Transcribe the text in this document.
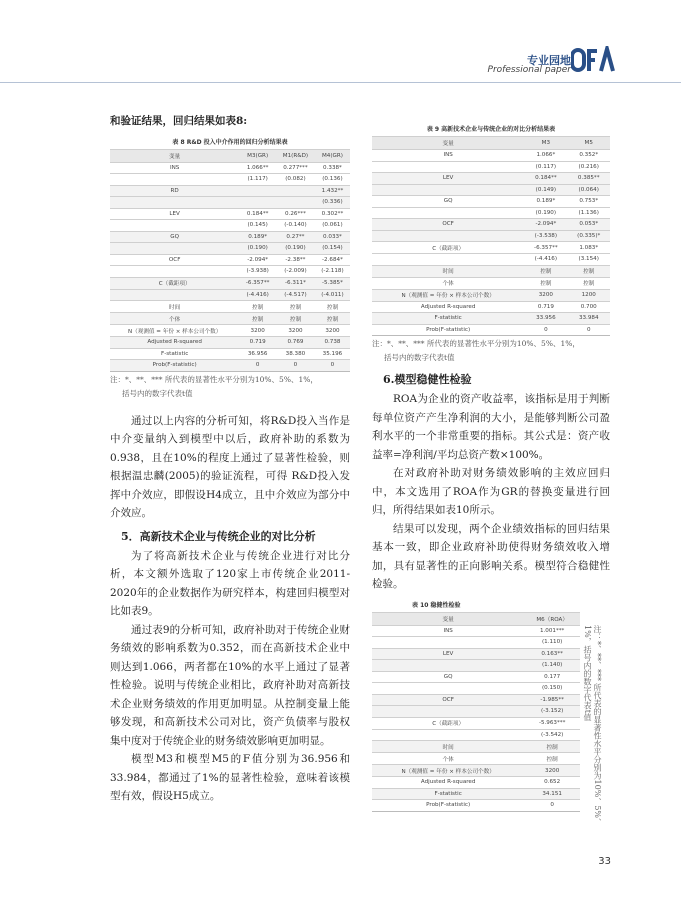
专业园地
Professional paper
和验证结果，回归结果如表8:
表 8 R&D 投入中介作用的回归分析结果表
变量	M3(GR)	M1(R&D)	M4(GR)
INS	1.066**	0.277***	0.338*
	(1.117)	(0.082)	(0.136)
RD			1.432**
			(0.336)
LEV	0.184**	0.26***	0.302**
	(0.145)	(-0.140)	(0.061)
GQ	0.189*	0.27**	0.033*
	(0.190)	(0.190)	(0.154)
OCF	-2.094*	-2.38**	-2.684*
	(-3.938)	(-2.009)	(-2.118)
C（截距项）	-6.357**	-6.311*	-5.385*
	(-4.416)	(-4.517)	(-4.011)
时间	控制	控制	控制
个体	控制	控制	控制
N（观测值 = 年份 × 样本公司个数）	3200	3200	3200
Adjusted R-squared	0.719	0.769	0.738
F-statistic	36.956	38.380	35.196
Prob(F-statistic)	0	0	0
注：*、**、*** 所代表的显著性水平分别为10%、5%、1%，
括号内的数字代表t值
通过以上内容的分析可知，将R&D投入当作是中介变量纳入到模型中以后，政府补助的系数为0.938，且在10%的程度上通过了显著性检验，则根据温忠麟(2005)的验证流程，可得 R&D投入发挥中介效应，即假设H4成立，且中介效应为部分中介效应。
5．高新技术企业与传统企业的对比分析
为了将高新技术企业与传统企业进行对比分析，本文额外选取了120家上市传统企业2011-2020年的企业数据作为研究样本，构建回归模型对比如表9。
通过表9的分析可知，政府补助对于传统企业财务绩效的影响系数为0.352，而在高新技术企业中则达到1.066，两者都在10%的水平上通过了显著性检验。说明与传统企业相比，政府补助对高新技术企业财务绩效的作用更加明显。从控制变量上能够发现，和高新技术公司对比，资产负债率与股权集中度对于传统企业的财务绩效影响更加明显。
模型M3和模型M5的F值分别为36.956和33.984，都通过了1%的显著性检验，意味着该模型有效，假设H5成立。
表 9 高新技术企业与传统企业的对比分析结果表
变量	M3	M5
INS	1.066*	0.352*
	(0.117)	(0.216)
LEV	0.184**	0.385**
	(0.149)	(0.064)
GQ	0.189*	0.753*
	(0.190)	(1.136)
OCF	-2.094*	0.053*
	(-3.538)	(0.335)*
C（截距项）	-6.357**	1.083*
	(-4.416)	(3.154)
时间	控制	控制
个体	控制	控制
N（观测值 = 年份 × 样本公司个数）	3200	1200
Adjusted R-squared	0.719	0.700
F-statistic	33.956	33.984
Prob(F-statistic)	0	0
注：*、**、*** 所代表的显著性水平分别为10%、5%、1%，
括号内的数字代表t值
6.模型稳健性检验
ROA为企业的资产收益率，该指标是用于判断每单位资产产生净利润的大小，是能够判断公司盈利水平的一个非常重要的指标。其公式是：资产收益率=净利润/平均总资产数×100%。
在对政府补助对财务绩效影响的主效应回归中，本文选用了ROA作为GR的替换变量进行回归，所得结果如表10所示。
结果可以发现，两个企业绩效指标的回归结果基本一致，即企业政府补助使得财务绩效收入增加，具有显著性的正向影响关系。模型符合稳健性检验。
表 10 稳健性检验
变量	M6（ROA）
INS	1.001***
	(1.110)
LEV	0.163**
	(1.140)
GQ	0.177
	(0.150)
OCF	-1.985**
	(-3.152)
C（截距项）	-5.963***
	(-3.542)
时间	控制
个体	控制
N（观测值 = 年份 × 样本公司个数）	3200
Adjusted R-squared	0.652
F-statistic	34.151
Prob(F-statistic)	0	注：*、**、*** 所代表的显著性水平分别为10%、5%、1%，括号内的数字代表t值
33
